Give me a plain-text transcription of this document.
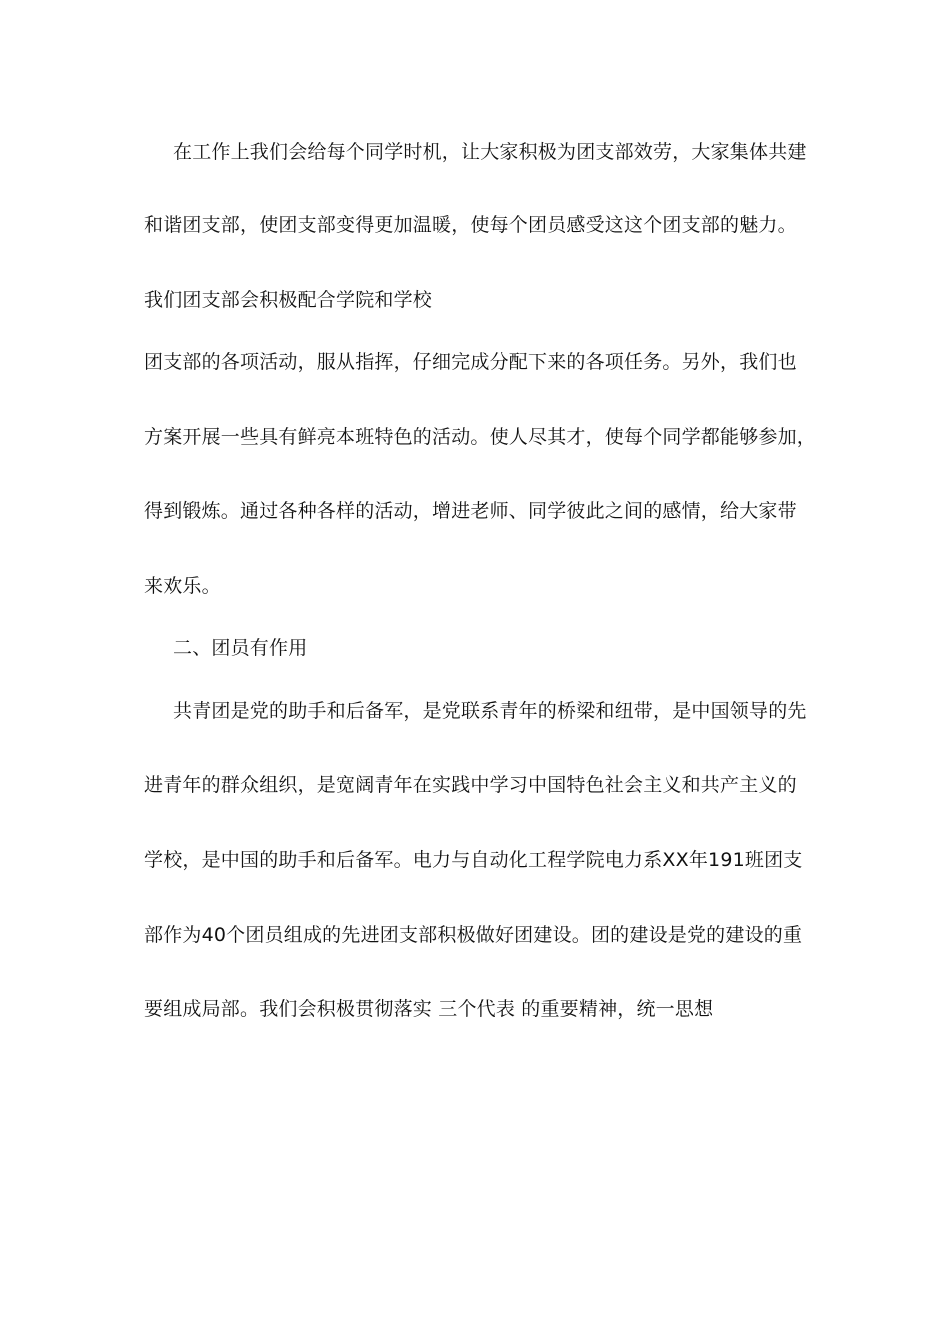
在工作上我们会给每个同学时机，让大家积极为团支部效劳，大家集体共建
和谐团支部，使团支部变得更加温暖，使每个团员感受这这个团支部的魅力。
我们团支部会积极配合学院和学校
团支部的各项活动，服从指挥，仔细完成分配下来的各项任务。另外，我们也
方案开展一些具有鲜亮本班特色的活动。使人尽其才，使每个同学都能够参加，
得到锻炼。通过各种各样的活动，增进老师、同学彼此之间的感情，给大家带
来欢乐。
二、团员有作用
共青团是党的助手和后备军，是党联系青年的桥梁和纽带，是中国领导的先
进青年的群众组织，是宽阔青年在实践中学习中国特色社会主义和共产主义的
学校，是中国的助手和后备军。电力与自动化工程学院电力系XX年191班团支
部作为40个团员组成的先进团支部积极做好团建设。团的建设是党的建设的重
要组成局部。我们会积极贯彻落实 三个代表 的重要精神，统一思想
